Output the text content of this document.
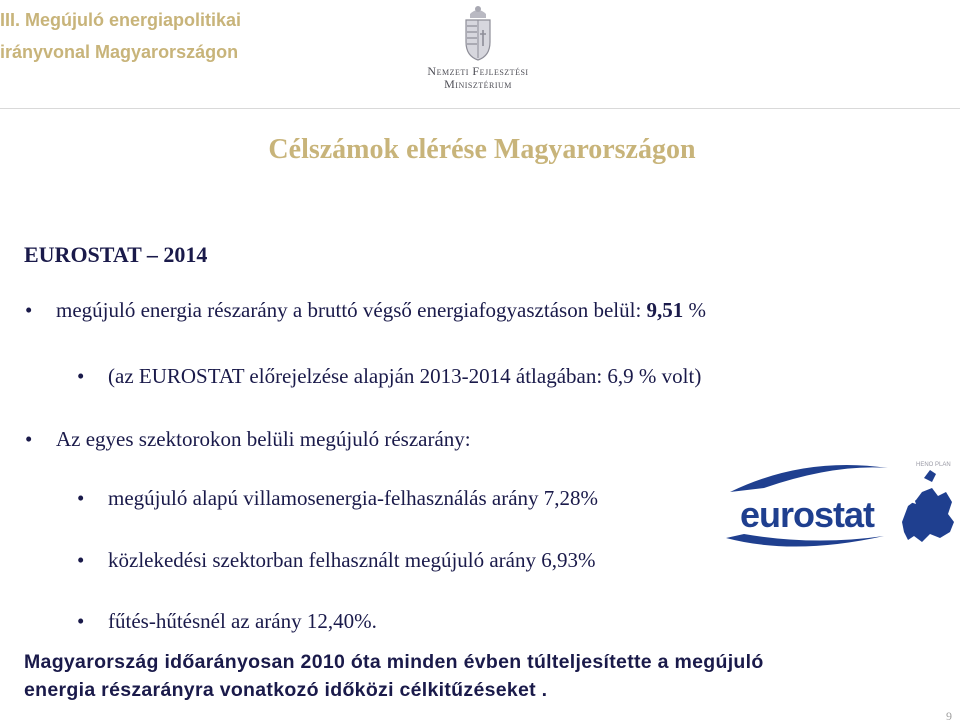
III. Megújuló energiapolitikai
irányvonal Magyarországon
Nemzeti Fejlesztési
Minisztérium
Célszámok elérése Magyarországon
EUROSTAT – 2014
• megújuló energia részarány a bruttó végső energiafogyasztáson belül: 9,51 %
• (az EUROSTAT előrejelzése alapján 2013-2014 átlagában: 6,9 % volt)
• Az egyes szektorokon belüli megújuló részarány:
• megújuló alapú villamosenergia-felhasználás arány 7,28%
• közlekedési szektorban felhasznált megújuló arány 6,93%
• fűtés-hűtésnél az arány 12,40%.
eurostat
HENO PLAN
Magyarország időarányosan 2010 óta minden évben túlteljesítette a megújuló
energia részarányra vonatkozó időközi célkitűzéseket .
9
